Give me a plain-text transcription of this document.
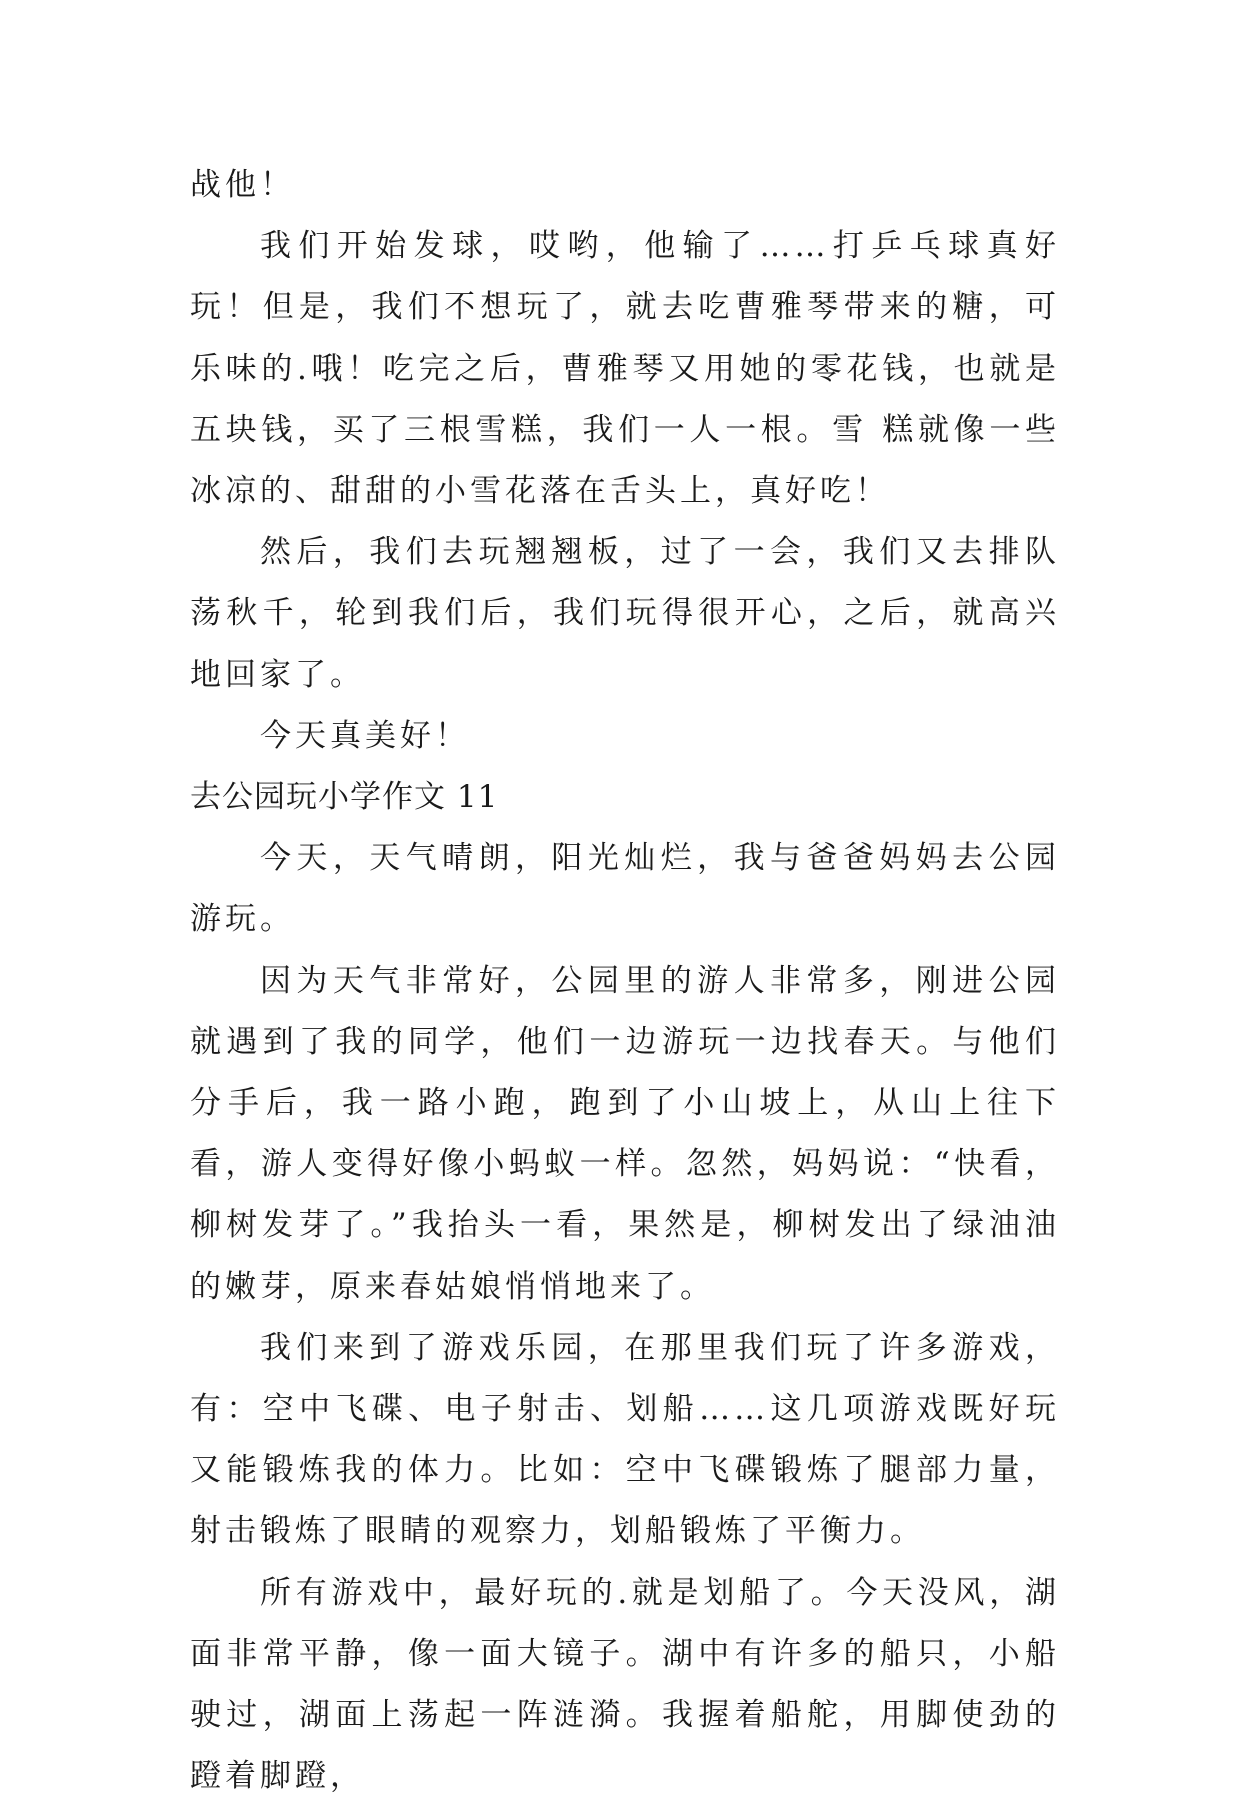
战他！

我们开始发球，哎哟，他输了……打乒乓球真好玩！但是，我们不想玩了，就去吃曹雅琴带来的糖，可乐味的.哦！吃完之后，曹雅琴又用她的零花钱，也就是五块钱，买了三根雪糕，我们一人一根。雪 糕就像一些冰凉的、甜甜的小雪花落在舌头上，真好吃！

然后，我们去玩翘翘板，过了一会，我们又去排队荡秋千，轮到我们后，我们玩得很开心，之后，就高兴地回家了。

今天真美好！

去公园玩小学作文 11

今天，天气晴朗，阳光灿烂，我与爸爸妈妈去公园游玩。

因为天气非常好，公园里的游人非常多，刚进公园就遇到了我的同学，他们一边游玩一边找春天。与他们分手后，我一路小跑，跑到了小山坡上，从山上往下看，游人变得好像小蚂蚁一样。忽然，妈妈说：“快看，柳树发芽了。”我抬头一看，果然是，柳树发出了绿油油的嫩芽，原来春姑娘悄悄地来了。

我们来到了游戏乐园，在那里我们玩了许多游戏，有：空中飞碟、电子射击、划船……这几项游戏既好玩又能锻炼我的体力。比如：空中飞碟锻炼了腿部力量，射击锻炼了眼睛的观察力，划船锻炼了平衡力。

所有游戏中，最好玩的.就是划船了。今天没风，湖面非常平静，像一面大镜子。湖中有许多的船只，小船驶过，湖面上荡起一阵涟漪。我握着船舵，用脚使劲的蹬着脚蹬，
